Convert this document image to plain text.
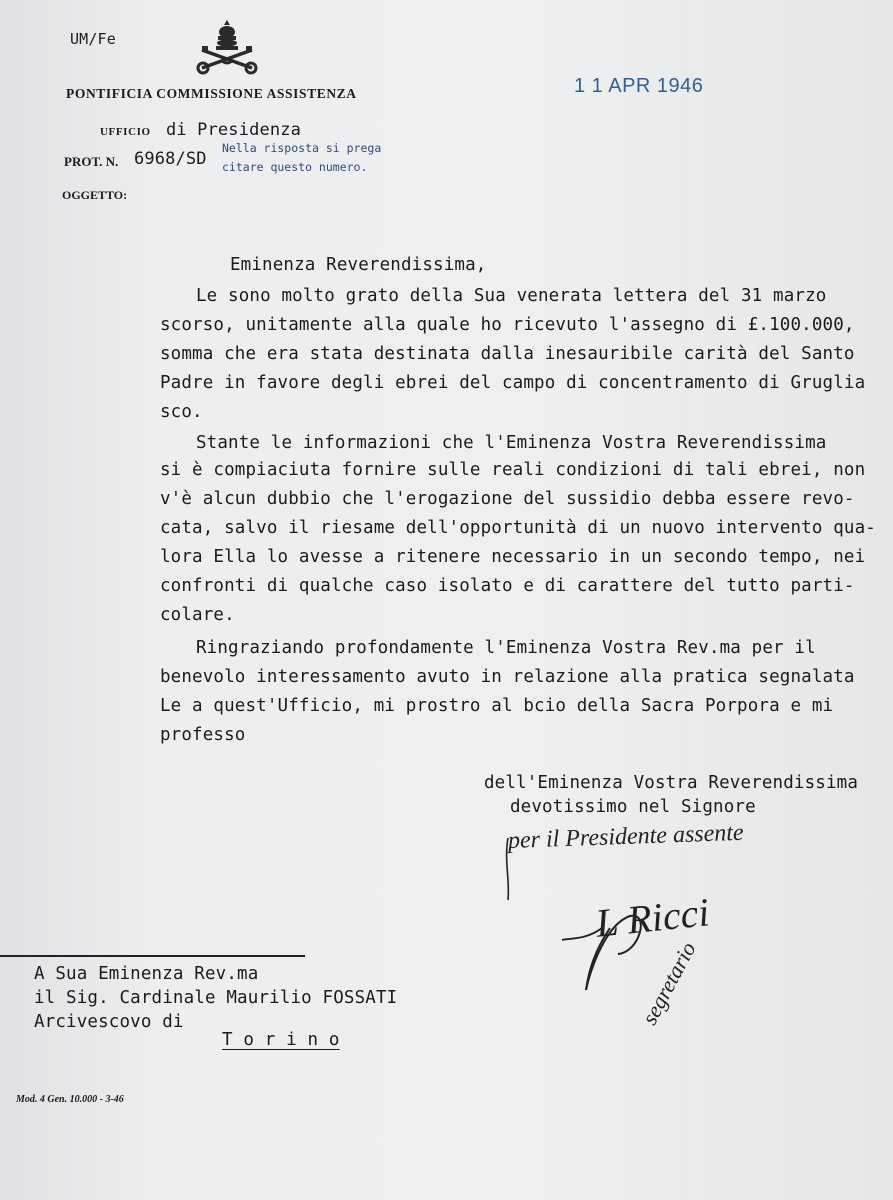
UM/Fe
PONTIFICIA COMMISSIONE ASSISTENZA
UFFICIO di Presidenza
PROT. N. 6968/SD
Nella risposta si prega
citare questo numero.
OGGETTO:
1 1 APR 1946
Eminenza Reverendissima,
Le sono molto grato della Sua venerata lettera del 31 marzo
scorso, unitamente alla quale ho ricevuto l'assegno di £.100.000,
somma che era stata destinata dalla inesauribile carità del Santo
Padre in favore degli ebrei del campo di concentramento di Gruglia
sco.
Stante le informazioni che l'Eminenza Vostra Reverendissima
si è compiaciuta fornire sulle reali condizioni di tali ebrei, non
v'è alcun dubbio che l'erogazione del sussidio debba essere revo-
cata, salvo il riesame dell'opportunità di un nuovo intervento qua-
lora Ella lo avesse a ritenere necessario in un secondo tempo, nei
confronti di qualche caso isolato e di carattere del tutto parti-
colare.
Ringraziando profondamente l'Eminenza Vostra Rev.ma per il
benevolo interessamento avuto in relazione alla pratica segnalata
Le a quest'Ufficio, mi prostro al bcio della Sacra Porpora e mi
professo
dell'Eminenza Vostra Reverendissima
devotissimo nel Signore
per il Presidente assente
L Ricci
segretario
A Sua Eminenza Rev.ma
il Sig. Cardinale Maurilio FOSSATI
Arcivescovo di
T o r i n o
Mod. 4 Gen. 10.000 - 3-46
